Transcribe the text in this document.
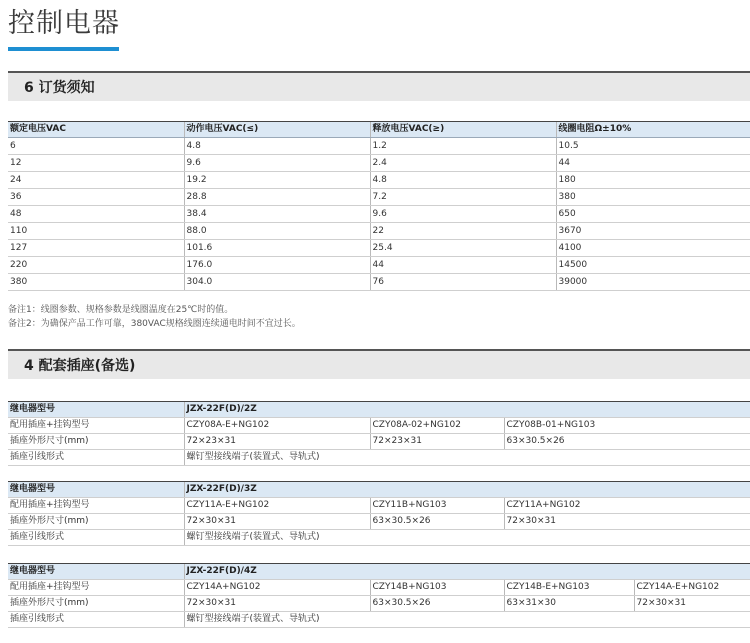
控制电器
6 订货须知
额定电压VAC	动作电压VAC(≤)	释放电压VAC(≥)	线圈电阻Ω±10%
6	4.8	1.2	10.5
12	9.6	2.4	44
24	19.2	4.8	180
36	28.8	7.2	380
48	38.4	9.6	650
110	88.0	22	3670
127	101.6	25.4	4100
220	176.0	44	14500
380	304.0	76	39000
备注1：线圈参数、规格参数是线圈温度在25℃时的值。
备注2：为确保产品工作可靠，380VAC规格线圈连续通电时间不宜过长。
4 配套插座(备选)
继电器型号	JZX-22F(D)/2Z		
配用插座+挂钩型号	CZY08A-E+NG102	CZY08A-02+NG102	CZY08B-01+NG103
插座外形尺寸(mm)	72×23×31	72×23×31	63×30.5×26
插座引线形式	螺钉型接线端子(装置式、导轨式)		
继电器型号	JZX-22F(D)/3Z		
配用插座+挂钩型号	CZY11A-E+NG102	CZY11B+NG103	CZY11A+NG102
插座外形尺寸(mm)	72×30×31	63×30.5×26	72×30×31
插座引线形式	螺钉型接线端子(装置式、导轨式)		
继电器型号	JZX-22F(D)/4Z			
配用插座+挂钩型号	CZY14A+NG102	CZY14B+NG103	CZY14B-E+NG103	CZY14A-E+NG102
插座外形尺寸(mm)	72×30×31	63×30.5×26	63×31×30	72×30×31
插座引线形式	螺钉型接线端子(装置式、导轨式)			
